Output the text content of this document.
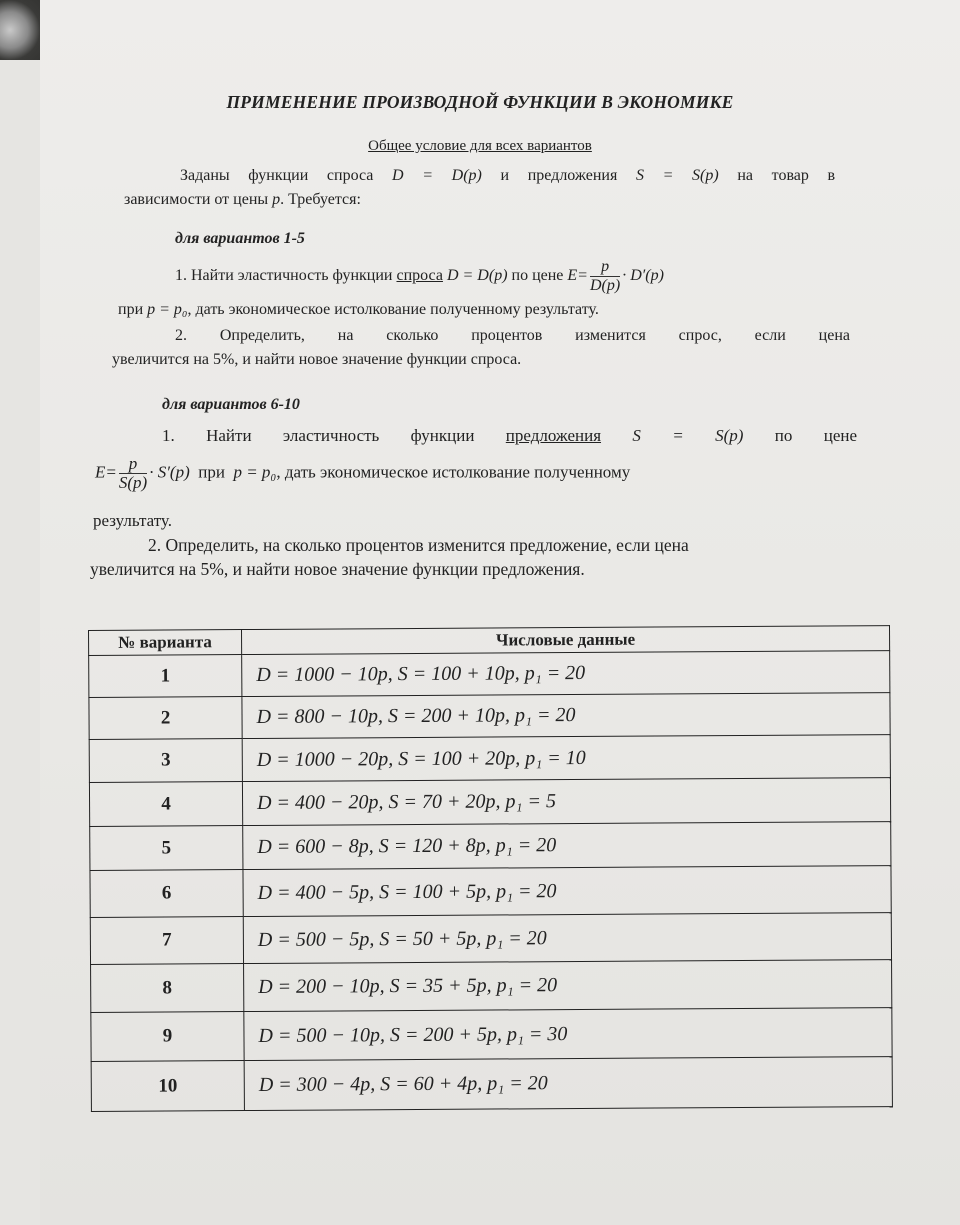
ПРИМЕНЕНИЕ ПРОИЗВОДНОЙ ФУНКЦИИ В ЭКОНОМИКЕ
Общее условие для всех вариантов
Заданы функции спроса D = D(p) и предложения S = S(p) на товар в
зависимости от цены p. Требуется:
для вариантов 1-5
1. Найти эластичность функции спроса D = D(p) по цене $E= \frac{p}{D(p)} \cdot D'(p)$
при p = p₀, дать экономическое истолкование полученному результату.
2. Определить, на сколько процентов изменится спрос, если цена
увеличится на 5%, и найти новое значение функции спроса.
для вариантов 6-10
1. Найти эластичность функции предложения S = S(p) по цене
$E= \frac{p}{S(p)} \cdot S'(p)$ при p = p₀, дать экономическое истолкование полученному
результату.
2. Определить, на сколько процентов изменится предложение, если цена
увеличится на 5%, и найти новое значение функции предложения.
№ варианта	Числовые данные
1	D = 1000 − 10p, S = 100 + 10p, p₁ = 20
2	D = 800 − 10p, S = 200 + 10p, p₁ = 20
3	D = 1000 − 20p, S = 100 + 20p, p₁ = 10
4	D = 400 − 20p, S = 70 + 20p, p₁ = 5
5	D = 600 − 8p, S = 120 + 8p, p₁ = 20
6	D = 400 − 5p, S = 100 + 5p, p₁ = 20
7	D = 500 − 5p, S = 50 + 5p, p₁ = 20
8	D = 200 − 10p, S = 35 + 5p, p₁ = 20
9	D = 500 − 10p, S = 200 + 5p, p₁ = 30
10	D = 300 − 4p, S = 60 + 4p, p₁ = 20
